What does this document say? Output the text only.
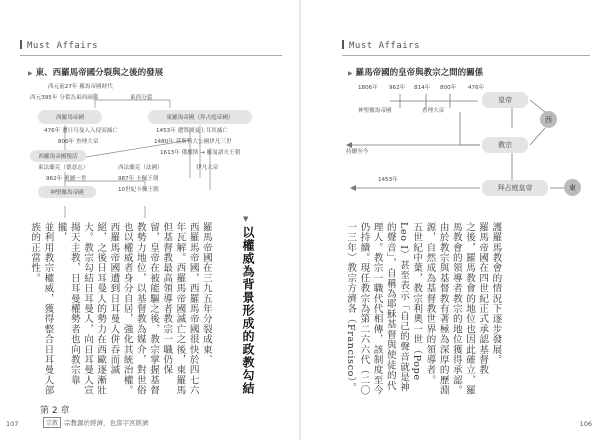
Must Affairs
▶ 東、西羅馬帝國分裂與之後的發展
西元前27年 羅馬帝國時代
西元395年 分裂為東西兩部	東西分裂
西羅馬帝國	東羅馬帝國（拜占庭帝國）
476年 遭日耳曼人入侵而滅亡
800年 查理大帝
西羅馬帝國復活
1453年 遭鄂圖曼土耳其滅亡
1480年 莫斯科大公國伊凡三世
1613年 俄羅斯 → 羅曼諾夫王朝
東法蘭克（德意志）	西法蘭克（法國）
962年 奧圖一世
伊凡大帝
神聖羅馬帝國
987年 卡佩王朝
10世紀卡佩王朝
▼
以權威為背景形成的政教勾結
羅馬帝國在三九五年分裂成東、
西羅馬帝國，西羅馬帝國很快於四七六
年瓦解。西羅馬帝國滅亡之後，東羅馬
但基督教最高領導者教宗一職仍保
留，皇帝在被能驅之後，教宗掌握基督
教勢力地位，以基督教為媒介，對世俗
也以權威者身分自居，強化其統治權。
西羅馬帝國遭到日耳曼人併吞而滅
絕，之後日耳曼人的勢力在西歐逐漸壯
大。教宗勾結日耳曼人，向日耳曼人宣
揚天主教，日耳曼權勢者也向教宗靠攏，
並利用教宗權威，獲得整合日耳曼人部
族的正當性。
第 2 章
107	宗教 宗教源於經濟，也滲字宮經濟
Must Affairs
▶ 羅馬帝國的皇帝與教宗之間的關係
1806年 962年 814年 800年 476年
皇帝
神聖羅馬帝國	查理大帝
西
教宗
持續至今
1453年
拜占庭皇帝	東
護羅馬教會的情況下逐步發展。
羅馬帝國在四世紀正式承認基督教
之後，羅馬教會的地位也因此確立，羅
馬教會的領導者教宗的地位獲得承認。
由於教宗與基督教有著極為深厚的歷淵
源，自然成為基督教世界的領導者。
五世紀中葉，教宗利奧一世（Pope
Leo I）甚至表示「自己的聲音就是神
的聲音」，自稱為耶穌基督與使徒的代
理人。教宗一職代代相傳，該制度至今
仍持續。現任教宗為第二六六代（二〇
一三年）教宗方濟各（Francisco）。
106
